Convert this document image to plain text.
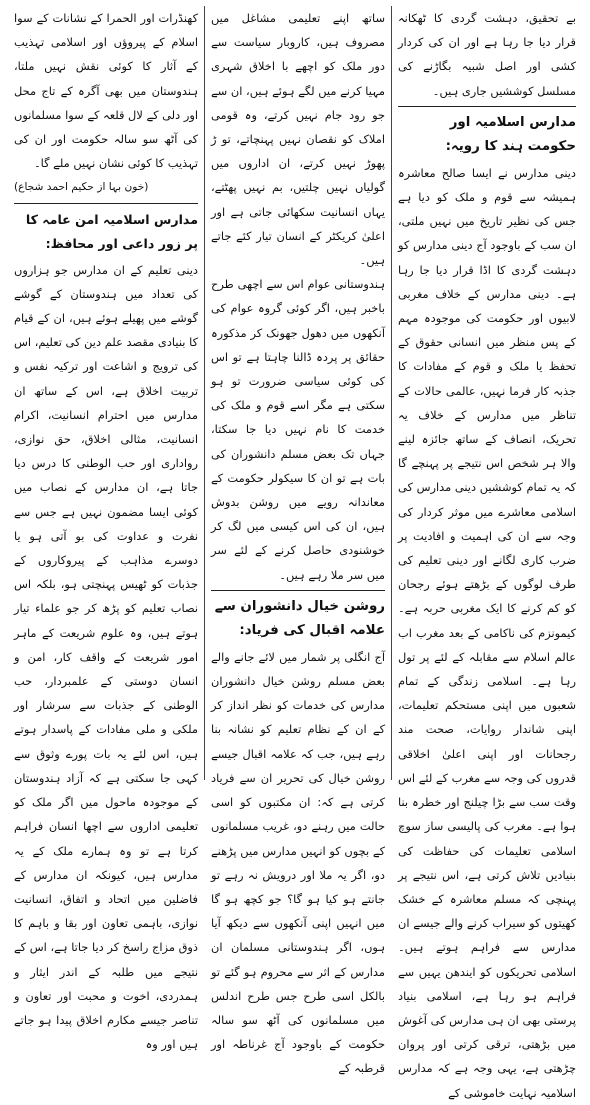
بے تحقیق، دہشت گردی کا ٹھکانہ قرار دیا جا رہا ہے اور ان کی کردار کشی اور اصل شبیہ بگاڑنے کی مسلسل کوششیں جاری ہیں۔

مدارس اسلامیہ اور حکومت ہند کا رویہ:

دینی مدارس نے ایسا صالح معاشرہ ہمیشہ سے قوم و ملک کو دیا ہے جس کی نظیر تاریخ میں نہیں ملتی، ان سب کے باوجود آج دینی مدارس کو دہشت گردی کا اڈا قرار دیا جا رہا ہے۔ دینی مدارس کے خلاف مغربی لابیوں اور حکومت کی موجودہ مہم کے پس منظر میں انسانی حقوق کے تحفظ یا ملک و قوم کے مفادات کا جذبہ کار فرما نہیں، عالمی حالات کے تناظر میں مدارس کے خلاف یہ تحریک، انصاف کے ساتھ جائزہ لینے والا ہر شخص اس نتیجے پر پہنچے گا کہ یہ تمام کوششیں دینی مدارس کی اسلامی معاشرے میں موثر کردار کی وجہ سے ان کی اہمیت و افادیت پر ضرب کاری لگانے اور دینی تعلیم کی طرف لوگوں کے بڑھتے ہوئے رجحان کو کم کرنے کا ایک مغربی حربہ ہے۔ کیمونزم کی ناکامی کے بعد مغرب اب عالم اسلام سے مقابلہ کے لئے پر تول رہا ہے۔ اسلامی زندگی کے تمام شعبوں میں اپنی مستحکم تعلیمات، اپنی شاندار روایات، صحت مند رجحانات اور اپنی اعلیٰ اخلاقی قدروں کی وجہ سے مغرب کے لئے اس وقت سب سے بڑا چیلنج اور خطرہ بنا ہوا ہے۔ مغرب کی پالیسی ساز سوچ اسلامی تعلیمات کی حفاظت کی بنیادیں تلاش کرتی ہے، اس نتیجے پر پہنچی کہ مسلم معاشرہ کے خشک کھیتوں کو سیراب کرنے والے جیسے ان مدارس سے فراہم ہوتے ہیں۔ اسلامی تحریکوں کو ایندھن یہیں سے فراہم ہو رہا ہے، اسلامی بنیاد پرستی بھی ان ہی مدارس کی آغوش میں بڑھتی، ترقی کرتی اور پروان چڑھتی ہے، یہی وجہ ہے کہ مدارس اسلامیہ نہایت خاموشی کے

ساتھ اپنے تعلیمی مشاغل میں مصروف ہیں، کاروبار سیاست سے دور ملک کو اچھے با اخلاق شہری مہیا کرنے میں لگے ہوئے ہیں، ان سے جو رود جام نہیں کرتے، وہ قومی املاک کو نقصان نہیں پہنچاتے، تو ڑ پھوڑ نہیں کرتے، ان اداروں میں گولیاں نہیں چلتیں، بم نہیں پھٹتے، یہاں انسانیت سکھائی جاتی ہے اور اعلیٰ کریکٹر کے انسان تیار کئے جاتے ہیں۔

ہندوستانی عوام اس سے اچھی طرح باخبر ہیں، اگر کوئی گروہ عوام کی آنکھوں میں دھول جھونک کر مذکورہ حقائق پر پردہ ڈالنا چاہتا ہے تو اس کی کوئی سیاسی ضرورت تو ہو سکتی ہے مگر اسے قوم و ملک کی خدمت کا نام نہیں دیا جا سکتا، جہاں تک بعض مسلم دانشوران کی بات ہے تو ان کا سیکولر حکومت کے معاندانہ رویے میں روشن بدوش ہیں، ان کی اس کیسی میں لگ کر خوشنودی حاصل کرنے کے لئے سر میں سر ملا رہے ہیں۔

روشن خیال دانشوران سے علامہ اقبال کی فریاد:

آج انگلی پر شمار میں لائے جانے والے بعض مسلم روشن خیال دانشوران مدارس کی خدمات کو نظر انداز کر کے ان کے نظام تعلیم کو نشانہ بنا رہے ہیں، جب کہ علامہ اقبال جیسے روشن خیال کی تحریر ان سے فریاد کرتی ہے کہ: ان مکتبوں کو اسی حالت میں رہنے دو، غریب مسلمانوں کے بچوں کو انہیں مدارس میں پڑھنے دو، اگر یہ ملا اور درویش نہ رہے تو جانتے ہو کیا ہو گا؟ جو کچھ ہو گا میں انہیں اپنی آنکھوں سے دیکھ آیا ہوں، اگر ہندوستانی مسلمان ان مدارس کے اثر سے محروم ہو گئے تو بالکل اسی طرح جس طرح اندلس میں مسلمانوں کی آٹھ سو سالہ حکومت کے باوجود آج غرناطہ اور قرطبہ کے

کھنڈرات اور الحمرا کے نشانات کے سوا اسلام کے پیروؤں اور اسلامی تہذیب کے آثار کا کوئی نقش نہیں ملتا، ہندوستان میں بھی آگرہ کے تاج محل اور دلی کے لال قلعہ کے سوا مسلمانوں کی آٹھ سو سالہ حکومت اور ان کی تہذیب کا کوئی نشان نہیں ملے گا۔

(خون بہا از حکیم احمد شجاع)

مدارس اسلامیہ امن عامہ کا پر زور داعی اور محافظ:

دینی تعلیم کے ان مدارس جو ہزاروں کی تعداد میں ہندوستان کے گوشے گوشے میں پھیلے ہوئے ہیں، ان کے قیام کا بنیادی مقصد علم دین کی تعلیم، اس کی ترویج و اشاعت اور ترکیہ نفس و تربیت اخلاق ہے، اس کے ساتھ ان مدارس میں احترام انسانیت، اکرام انسانیت، مثالی اخلاق، حق نوازی، رواداری اور حب الوطنی کا درس دیا جاتا ہے، ان مدارس کے نصاب میں کوئی ایسا مضمون نہیں ہے جس سے نفرت و عداوت کی بو آتی ہو یا دوسرے مذاہب کے پیروکاروں کے جذبات کو ٹھیس پہنچتی ہو، بلکہ اس نصاب تعلیم کو پڑھ کر جو علماء تیار ہوتے ہیں، وہ علوم شریعت کے ماہر امور شریعت کے واقف کار، امن و انسان دوستی کے علمبردار، حب الوطنی کے جذبات سے سرشار اور ملکی و ملی مفادات کے پاسدار ہوتے ہیں، اس لئے یہ بات پورے وثوق سے کہی جا سکتی ہے کہ آزاد ہندوستان کے موجودہ ماحول میں اگر ملک کو تعلیمی اداروں سے اچھا انسان فراہم کرتا ہے تو وہ ہمارے ملک کے یہ مدارس ہیں، کیونکہ ان مدارس کے فاضلین میں اتحاد و اتفاق، انسانیت نوازی، باہمی تعاون اور بقا و باہم کا ذوق مزاج راسخ کر دیا جاتا ہے، اس کے نتیجے میں طلبہ کے اندر ایثار و ہمدردی، اخوت و محبت اور تعاون و تناصر جیسے مکارم اخلاق پیدا ہو جاتے ہیں اور وہ
